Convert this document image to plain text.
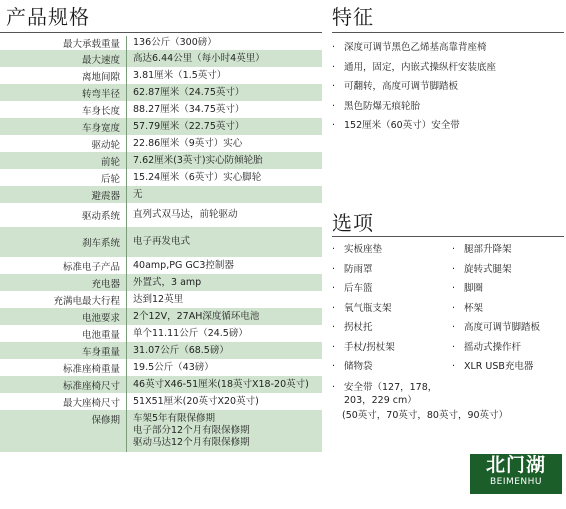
产品规格
最大承载重量	136公斤（300磅）

最大速度	高达6.44公里（每小时4英里）

离地间隙	3.81厘米（1.5英寸）

转弯半径	62.87厘米（24.75英寸）

车身长度	88.27厘米（34.75英寸）

车身宽度	57.79厘米（22.75英寸）

驱动轮	22.86厘米（9英寸）实心

前轮	7.62厘米(3英寸)实心防倾轮胎

后轮	15.24厘米（6英寸）实心脚轮

避震器	无

驱动系统	直列式双马达，前轮驱动

刹车系统	电子再发电式

标准电子产品	40amp,PG GC3控制器

充电器	外置式，3 amp

充满电最大行程	达到12英里

电池要求	2个12V，27AH深度循环电池

电池重量	单个11.11公斤（24.5磅）

车身重量	31.07公斤（68.5磅）

标准座椅重量	19.5公斤（43磅）

标准座椅尺寸	46英寸X46-51厘米(18英寸X18-20英寸)

最大座椅尺寸	51X51厘米(20英寸X20英寸)

保修期	车架5年有限保修期
电子部分12个月有限保修期
驱动马达12个月有限保修期
特征
· 深度可调节黑色乙烯基高靠背座椅
· 通用，固定，内嵌式操纵杆安装底座
· 可翻转，高度可调节脚踏板
· 黑色防爆无痕轮胎
· 152厘米（60英寸）安全带
选项
· 实板座垫
· 防雨罩
· 后车篮
· 氧气瓶支架
· 拐杖托
· 手杖/拐杖架
· 储物袋
· 安全带（127，178，
203，229 cm）
(50英寸，70英寸，80英寸，90英寸）
· 腿部升降架
· 旋转式腿架
· 脚圈
· 杯架
· 高度可调节脚踏板
· 摇动式操作杆
· XLR USB充电器
北门湖
BEIMENHU
